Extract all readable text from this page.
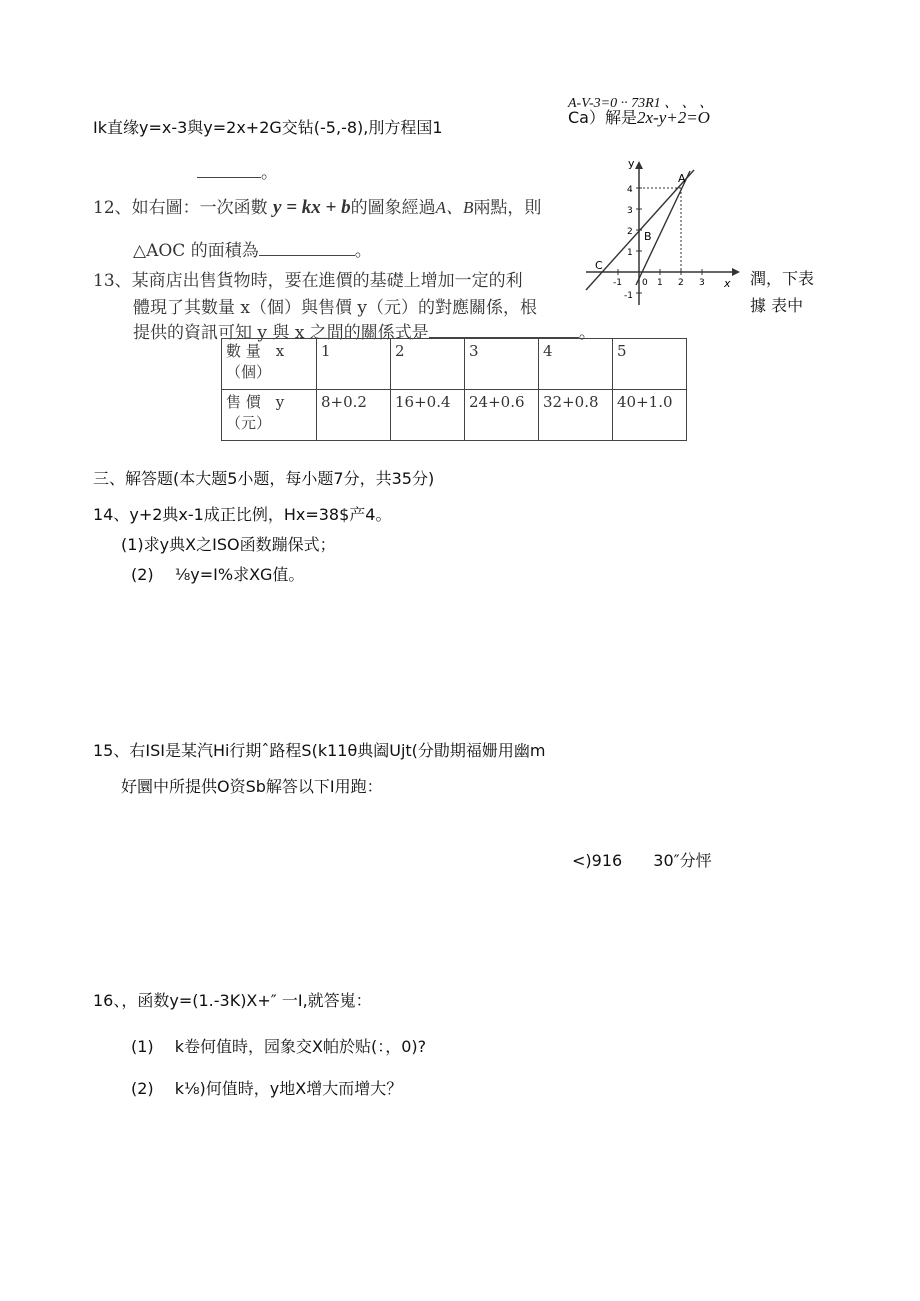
A-V-3=0 ·· 73R1 、 、 、
Ik直缘y=x-3與y=2x+2G交钻(-5,-8),刖方程国1
Ca）解是2x-y+2=O
。
12、如右圖：一次函數 y = kx + b的圖象經過A、B兩點，則
△AOC 的面積為	。
13、某商店出售貨物時，要在進價的基礎上增加一定的利	潤，下表
體現了其數量 x（個）與售價 y（元）的對應關係，根	據 表中
提供的資訊可知 y 與 x 之間的關係式是	。
數 量　x
（個）	1	2	3	4	5

售 價　y
（元）	8+0.2	16+0.4	24+0.6	32+0.8	40+1.0
y
x
4
3
2
1
-1
-1 0 1 2 3
A
B
C
三、解答题(本大题5小题，每小题7分，共35分)
14、y+2典x-1成正比例，Hx=38$产4。
(1)求y典X之ISO函数蹦保式；
(2) ⅛y=I%求XG值。
15、右ISI是某汽Hi行期ˆ路程S(k11θ典阖Ujt(分勖期福姗用幽m
好圜中所提供O资Sb解答以下I用跑：
<)916 30″分怦
16、，函数y=(1.-3K)X+″ 一I,就答嵬：
(1) k卷何值時，园象交X帕於贴(：，0)?
(2) k⅛)何值時，y地X增大而增大？
